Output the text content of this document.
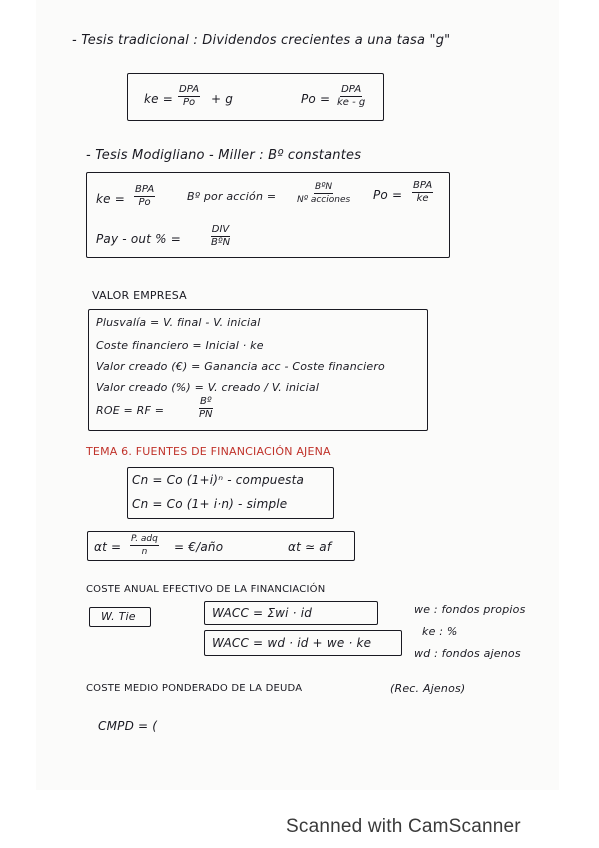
- Tesis tradicional : Dividendos crecientes a una tasa "g"
ke =
DPA
Po + g	Po =
DPA
ke - g
- Tesis Modigliano - Miller : Bº constantes
ke =
BPA
Po	Bº por acción =
BºN
Nº acciones Po =
BPA
ke
Pay - out % =
DIV
BºN
VALOR EMPRESA
Plusvalía = V. final - V. inicial
Coste financiero = Inicial · ke
Valor creado (€) = Ganancia acc - Coste financiero
Valor creado (%) = V. creado / V. inicial
ROE = RF =	$\frac{\text{Bº}}{PN}$
TEMA 6. FUENTES DE FINANCIACIÓN AJENA
Cn = Co (1+i)ⁿ - compuesta
Cn = Co (1+ i·n) - simple
αt =
P. adq
n = €/año	αt ≃ af
COSTE ANUAL EFECTIVO DE LA FINANCIACIÓN
W. Tie	WACC = Σwi · id
WACC = wd · id + we · ke
we : fondos propios
ke : %
wd : fondos ajenos
COSTE MEDIO PONDERADO DE LA DEUDA	(Rec. Ajenos)
CMPD = (
Scanned with CamScanner
